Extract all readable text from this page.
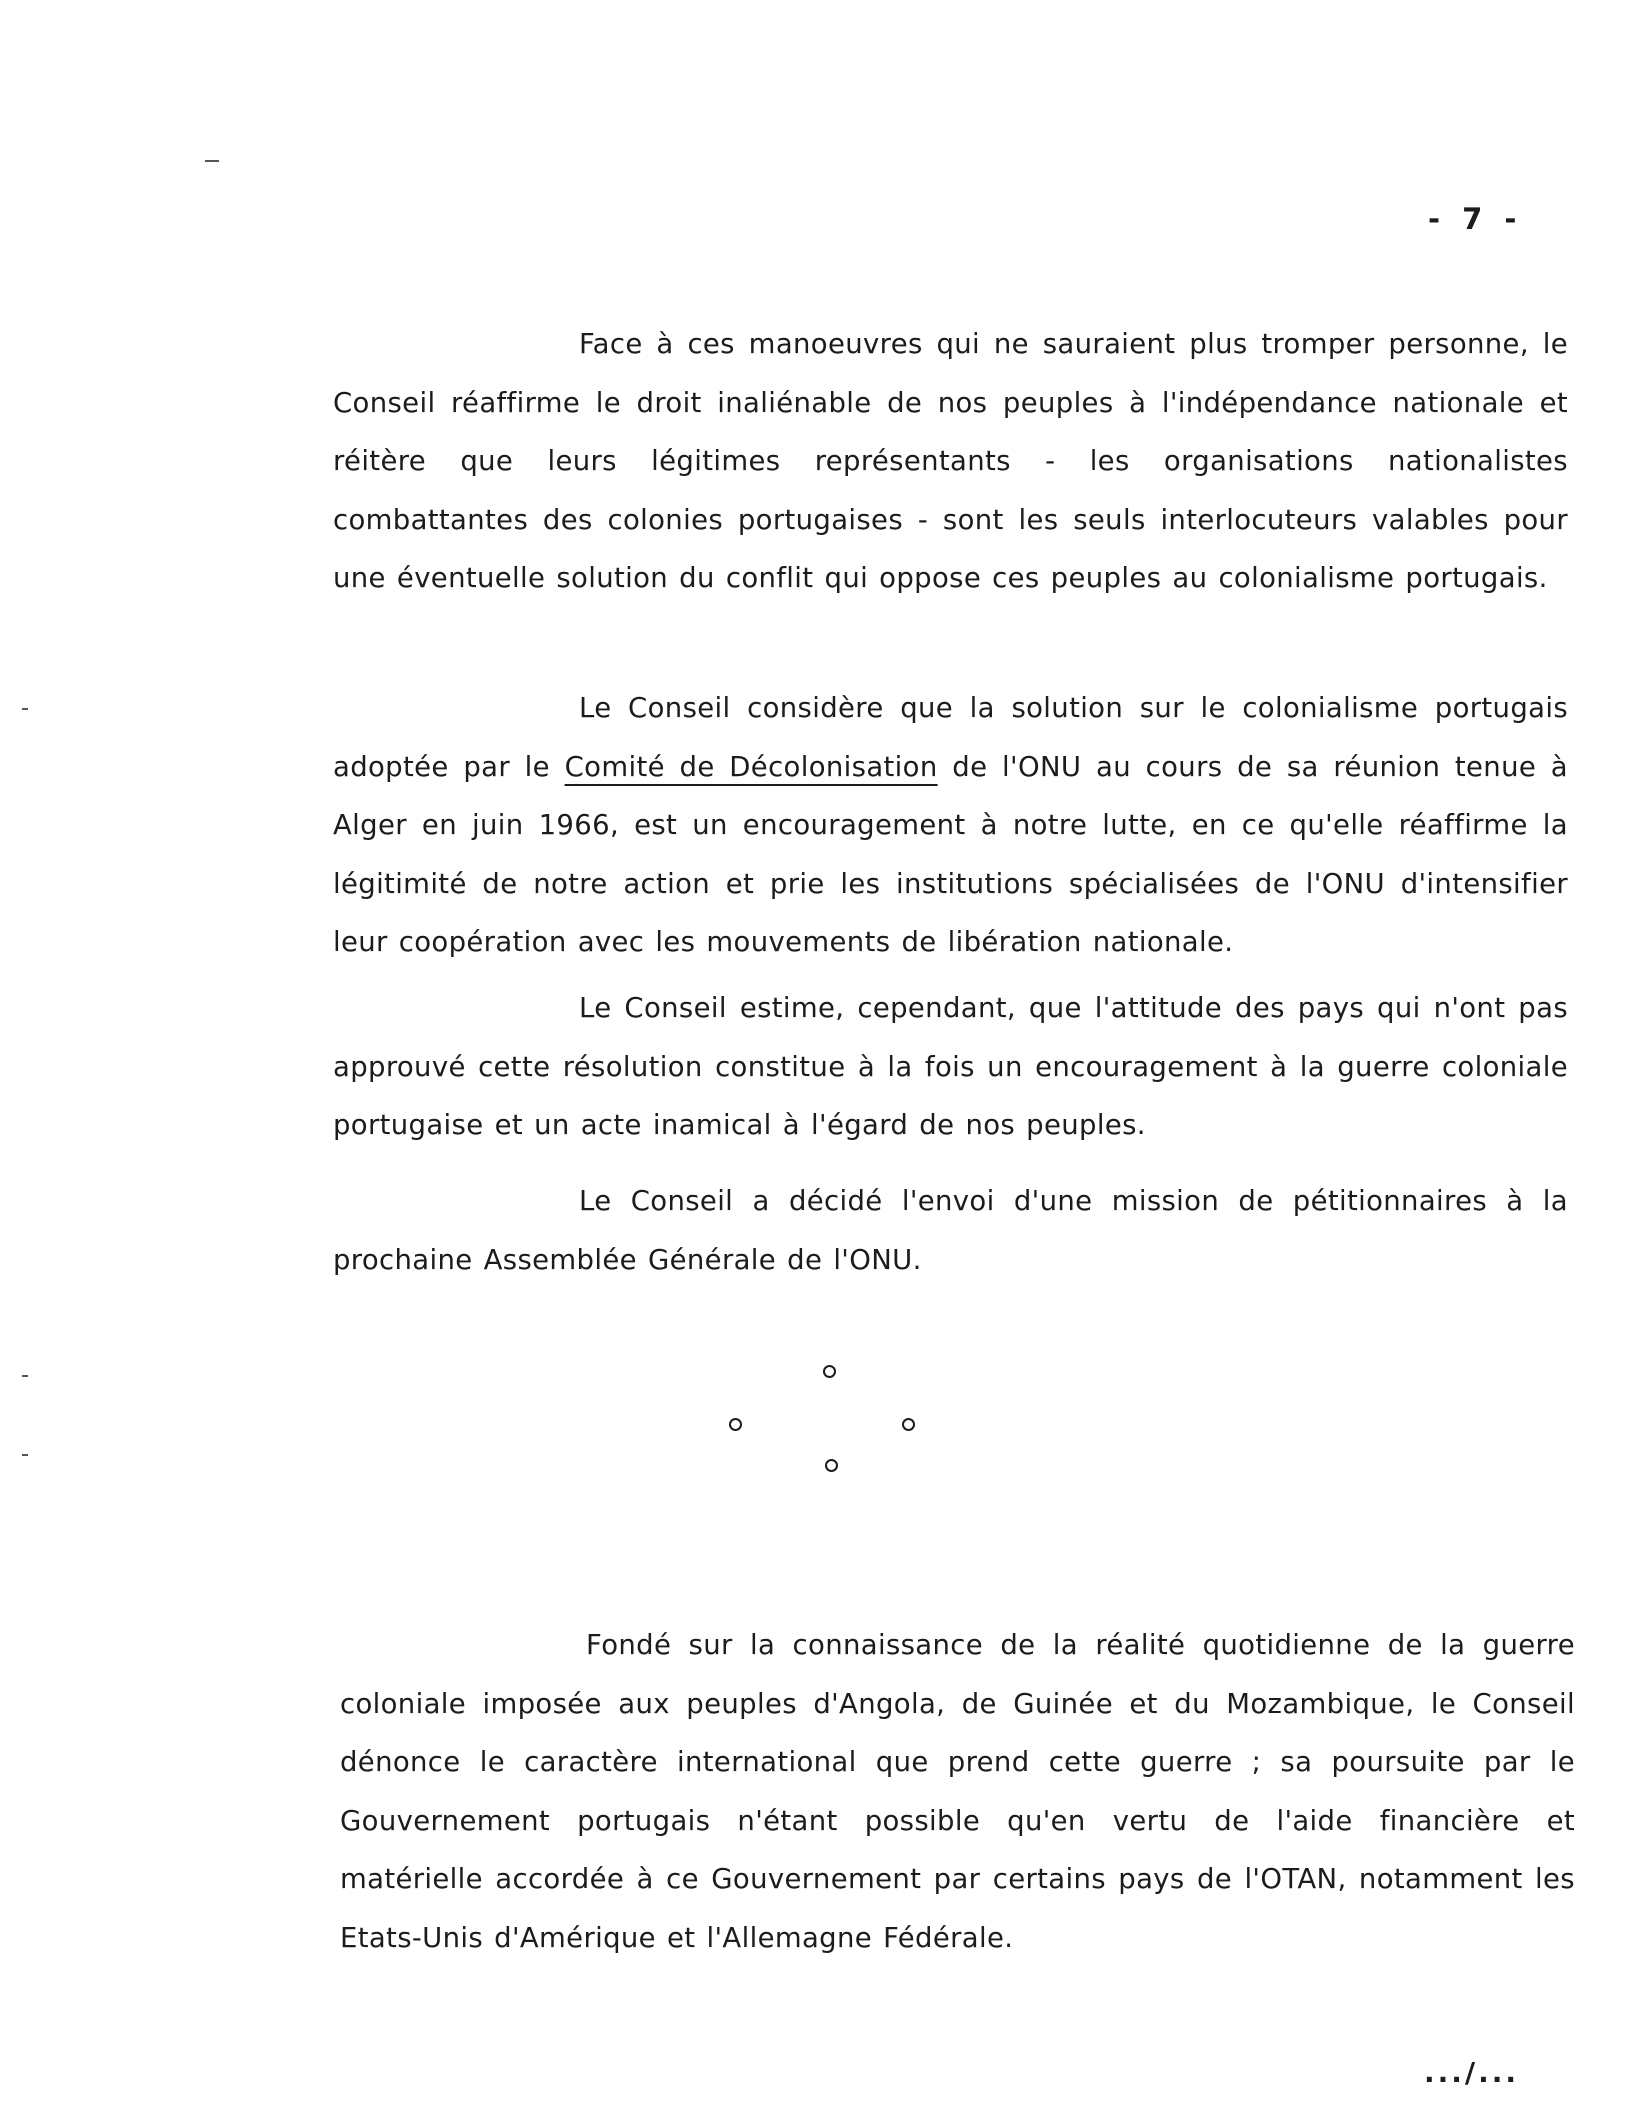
- 7 -

Face à ces manoeuvres qui ne sauraient plus tromper personne, le Conseil réaffirme le droit inaliénable de nos peuples à l'indépendance nationale et réitère que leurs légitimes représentants - les organisations nationalistes combattantes des colonies portugaises - sont les seuls interlocuteurs valables pour une éventuelle solution du conflit qui oppose ces peuples au colonialisme portugais.

Le Conseil considère que la solution sur le colonialisme portugais adoptée par le Comité de Décolonisation de l'ONU au cours de sa réunion tenue à Alger en juin 1966, est un encouragement à notre lutte, en ce qu'elle réaffirme la légitimité de notre action et prie les institutions spécialisées de l'ONU d'intensifier leur coopération avec les mouvements de libération nationale.

Le Conseil estime, cependant, que l'attitude des pays qui n'ont pas approuvé cette résolution constitue à la fois un encouragement à la guerre coloniale portugaise et un acte inamical à l'égard de nos peuples.

Le Conseil a décidé l'envoi d'une mission de pétitionnaires à la prochaine Assemblée Générale de l'ONU.

Fondé sur la connaissance de la réalité quotidienne de la guerre coloniale imposée aux peuples d'Angola, de Guinée et du Mozambique, le Conseil dénonce le caractère international que prend cette guerre ; sa poursuite par le Gouvernement portugais n'étant possible qu'en vertu de l'aide financière et matérielle accordée à ce Gouvernement par certains pays de l'OTAN, notamment les Etats-Unis d'Amérique et l'Allemagne Fédérale.

.../...
